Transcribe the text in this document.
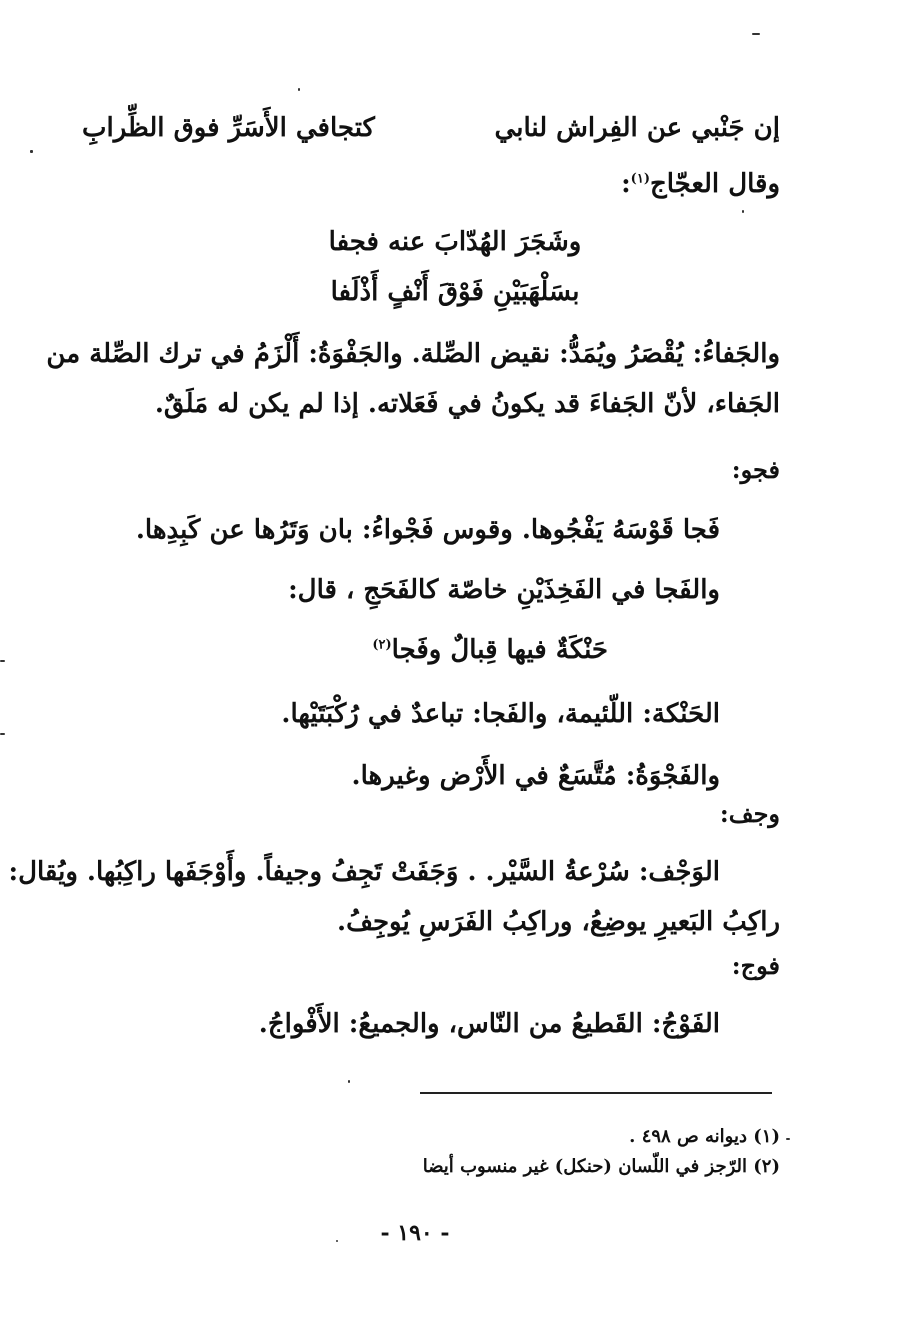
إن جَنْبي عن الفِراش لنابي
كتجافي الأَسَرِّ فوق الظِّرابِ
وقال العجّاج$^{(١)}$:
وشَجَرَ الهُدّابَ عنه فجفا
بسَلْهَبَيْنِ فَوْقَ أَنْفٍ أَذْلَفا
والجَفاءُ: يُقْصَرُ ويُمَدُّ: نقيض الصِّلة. والجَفْوَةُ: أَلْزَمُ في ترك الصِّلة من
الجَفاء، لأنّ الجَفاءَ قد يكونُ في فَعَلاته. إذا لم يكن له مَلَقٌ.
فجو:
فَجا قَوْسَهُ يَفْجُوها. وقوس فَجْواءُ: بان وَتَرُها عن كَبِدِها.
والفَجا في الفَخِذَيْنِ خاصّة كالفَحَجِ ، قال:
حَنْكَةٌ فيها قِبالٌ وفَجا$^{(٢)}$
الحَنْكة: اللّئيمة، والفَجا: تباعدٌ في رُكْبَتَيْها.
والفَجْوَةُ: مُتَّسَعٌ في الأَرْض وغيرها.
وجف:
الوَجْف: سُرْعةُ السَّيْر. . وَجَفَتْ تَجِفُ وجيفاً. وأَوْجَفَها راكِبُها. ويُقال:
راكِبُ البَعيرِ يوضِعُ، وراكِبُ الفَرَسِ يُوجِفُ.
فوج:
الفَوْجُ: القَطيعُ من النّاس، والجميعُ: الأَفْواجُ.
(١) ديوانه ص ٤٩٨ .
(٢) الرّجز في اللّسان (حنكل) غير منسوب أيضا
- ١٩٠ -
